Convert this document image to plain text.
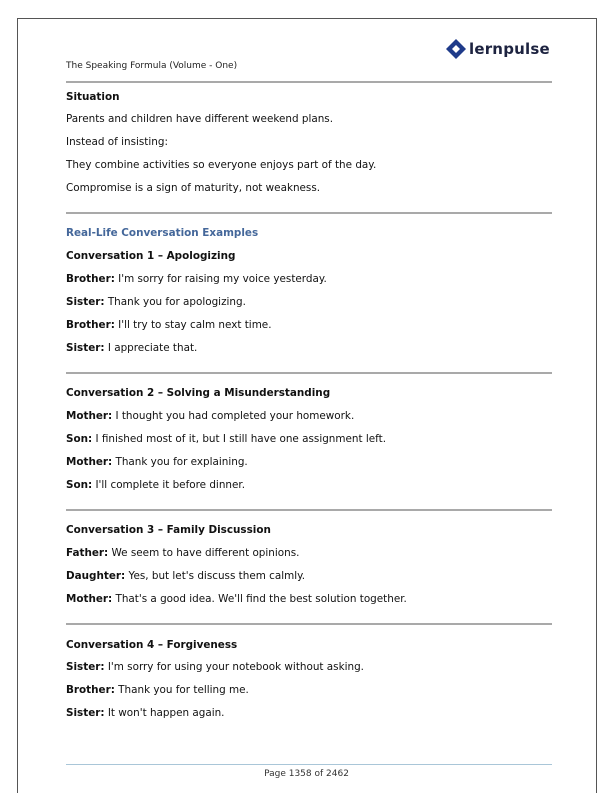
lernpulse
The Speaking Formula (Volume - One)
Situation
Parents and children have different weekend plans.
Instead of insisting:
They combine activities so everyone enjoys part of the day.
Compromise is a sign of maturity, not weakness.
Real-Life Conversation Examples
Conversation 1 – Apologizing
Brother: I'm sorry for raising my voice yesterday.
Sister: Thank you for apologizing.
Brother: I'll try to stay calm next time.
Sister: I appreciate that.
Conversation 2 – Solving a Misunderstanding
Mother: I thought you had completed your homework.
Son: I finished most of it, but I still have one assignment left.
Mother: Thank you for explaining.
Son: I'll complete it before dinner.
Conversation 3 – Family Discussion
Father: We seem to have different opinions.
Daughter: Yes, but let's discuss them calmly.
Mother: That's a good idea. We'll find the best solution together.
Conversation 4 – Forgiveness
Sister: I'm sorry for using your notebook without asking.
Brother: Thank you for telling me.
Sister: It won't happen again.
Page 1358 of 2462
